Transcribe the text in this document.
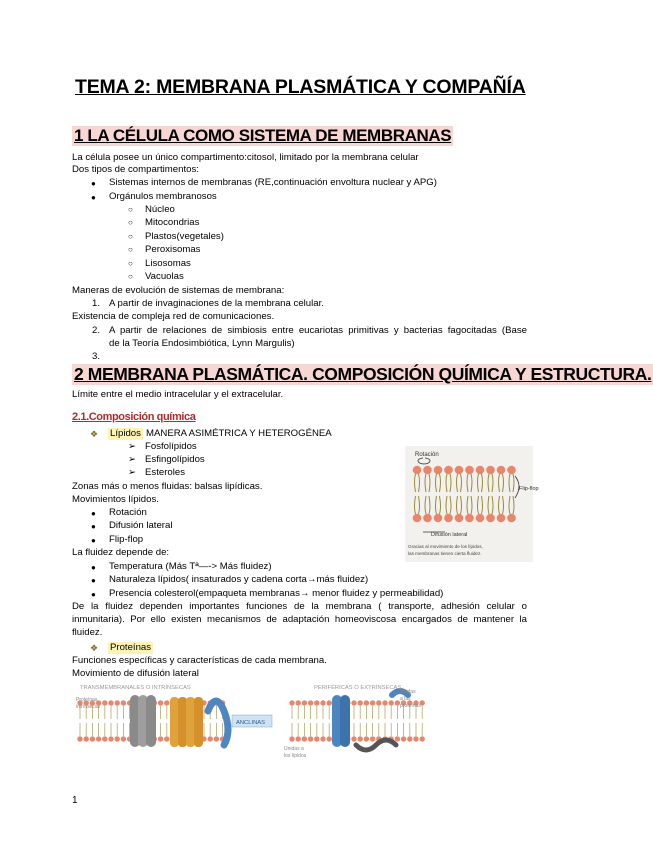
TEMA 2: MEMBRANA PLASMÁTICA Y COMPAÑÍA
1 LA CÉLULA COMO SISTEMA DE MEMBRANAS
La célula posee un único compartimento:citosol, limitado por la membrana celular
Dos tipos de compartimentos:
● Sistemas internos de membranas (RE,continuación envoltura nuclear y APG)
● Orgánulos membranosos
○ Núcleo
○ Mitocondrias
○ Plastos(vegetales)
○ Peroxisomas
○ Lisosomas
○ Vacuolas
Maneras de evolución de sistemas de membrana:
1. A partir de invaginaciones de la membrana celular.
Existencia de compleja red de comunicaciones.
2. A partir de relaciones de simbiosis entre eucariotas primitivas y bacterias fagocitadas (Base
de la Teoría Endosimbiótica, Lynn Margulis)
3.
2 MEMBRANA PLASMÁTICA. COMPOSICIÓN QUÍMICA Y ESTRUCTURA.
Límite entre el medio intracelular y el extracelular.
2.1.Composición química
❖ Lípidos MANERA ASIMÉTRICA Y HETEROGÉNEA
➢ Fosfolípidos
➢ Esfingolípidos
➢ Esteroles
Zonas más o menos fluidas: balsas lipídicas.
Movimientos lípidos.
● Rotación
● Difusión lateral
● Flip-flop
La fluidez depende de:
● Temperatura (Más Tª—-> Más fluidez)
● Naturaleza lípidos( insaturados y cadena corta→más fluidez)
● Presencia colesterol(empaqueta membranas→ menor fluidez y permeabilidad)
De la fluidez dependen importantes funciones de la membrana ( transporte, adhesión celular o
inmunitaria). Por ello existen mecanismos de adaptación homeoviscosa encargados de mantener la
fluidez.
❖ Proteínas
Funciones específicas y características de cada membrana.
Movimiento de difusión lateral
Rotación
Flip-flop
Difusión lateral
Gracias al movimiento de los lípidos,
las membranas tienen cierta fluidez.
TRANSMEMBRANALES O INTRÍNSECAS	PERIFÉRICAS O EXTRÍNSECAS
Proteínas
intrínsecas
ANCLINAS
Unidas
a las
proteínas
Unidas a
los lípidos
1
